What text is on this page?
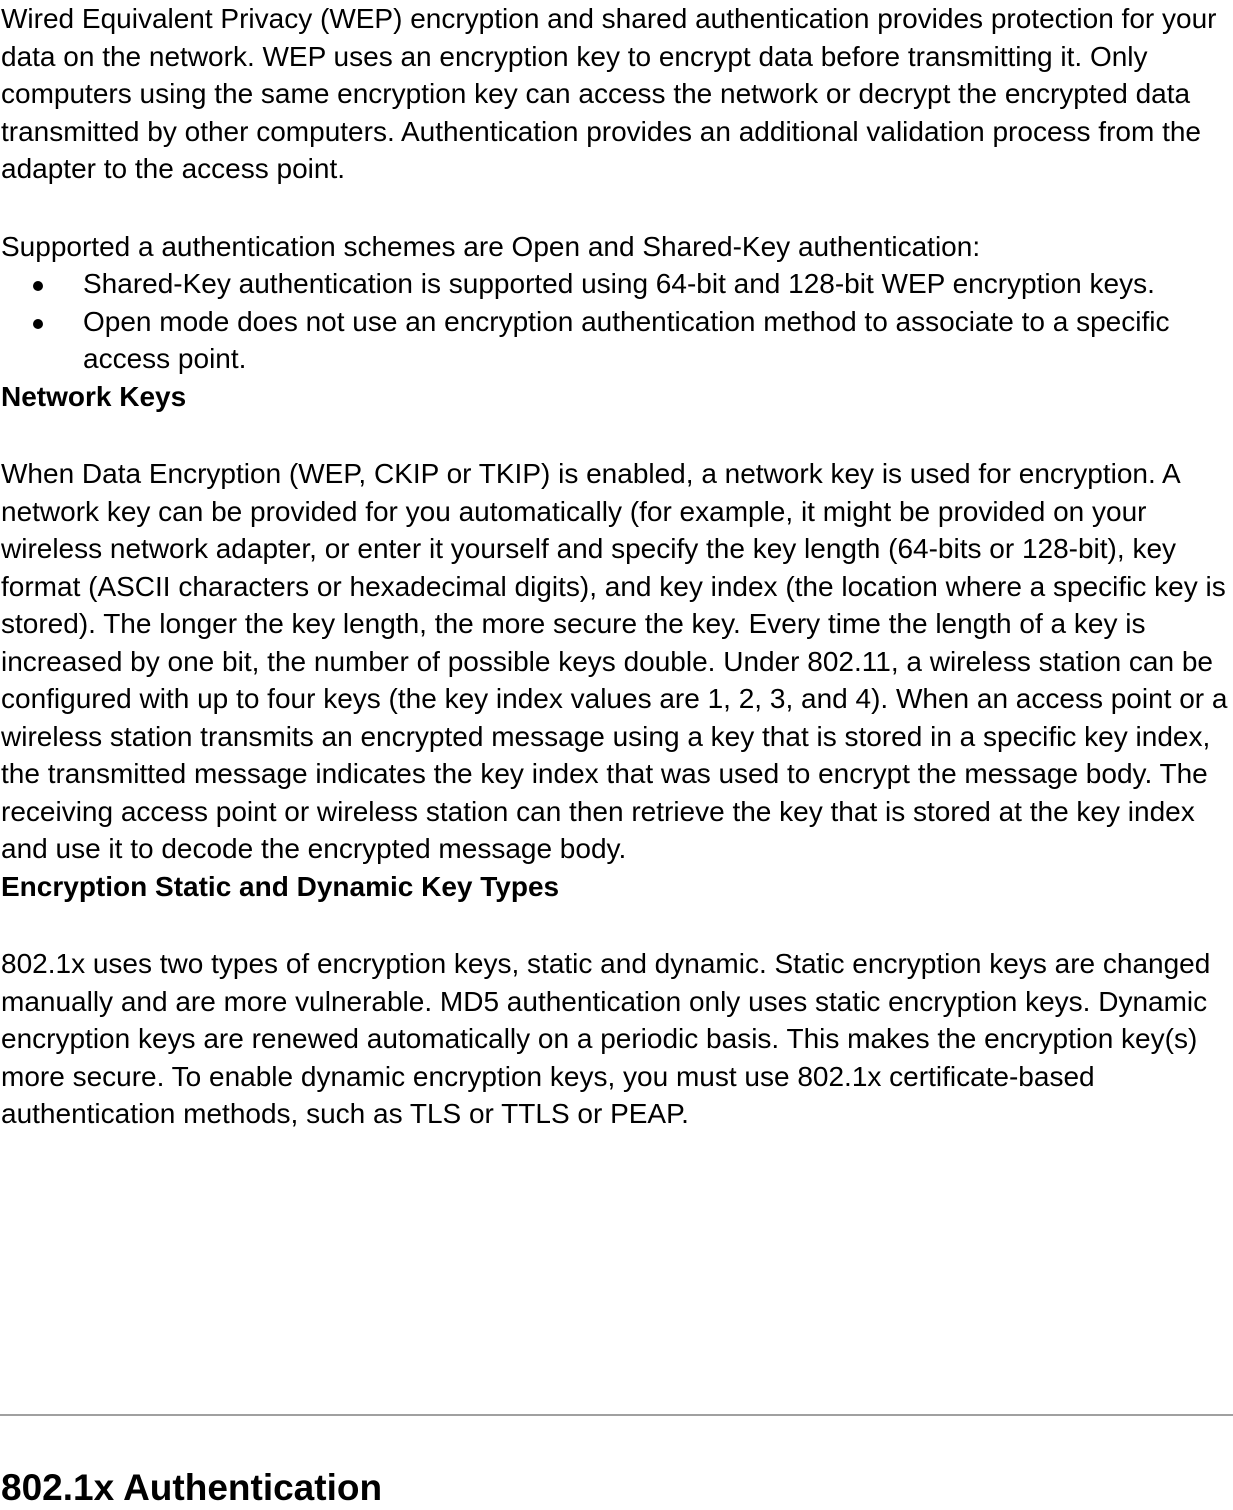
Wired Equivalent Privacy (WEP) encryption and shared authentication provides protection for your data on the network. WEP uses an encryption key to encrypt data before transmitting it. Only computers using the same encryption key can access the network or decrypt the encrypted data transmitted by other computers. Authentication provides an additional validation process from the adapter to the access point.

Supported a authentication schemes are Open and Shared-Key authentication:

Shared-Key authentication is supported using 64-bit and 128-bit WEP encryption keys.
Open mode does not use an encryption authentication method to associate to a specific access point.
Network Keys

When Data Encryption (WEP, CKIP or TKIP) is enabled, a network key is used for encryption. A network key can be provided for you automatically (for example, it might be provided on your wireless network adapter, or enter it yourself and specify the key length (64-bits or 128-bit), key format (ASCII characters or hexadecimal digits), and key index (the location where a specific key is stored). The longer the key length, the more secure the key. Every time the length of a key is increased by one bit, the number of possible keys double. Under 802.11, a wireless station can be configured with up to four keys (the key index values are 1, 2, 3, and 4). When an access point or a wireless station transmits an encrypted message using a key that is stored in a specific key index, the transmitted message indicates the key index that was used to encrypt the message body. The receiving access point or wireless station can then retrieve the key that is stored at the key index and use it to decode the encrypted message body.

Encryption Static and Dynamic Key Types

802.1x uses two types of encryption keys, static and dynamic. Static encryption keys are changed manually and are more vulnerable. MD5 authentication only uses static encryption keys. Dynamic encryption keys are renewed automatically on a periodic basis. This makes the encryption key(s) more secure. To enable dynamic encryption keys, you must use 802.1x certificate-based authentication methods, such as TLS or TTLS or PEAP.

802.1x Authentication
